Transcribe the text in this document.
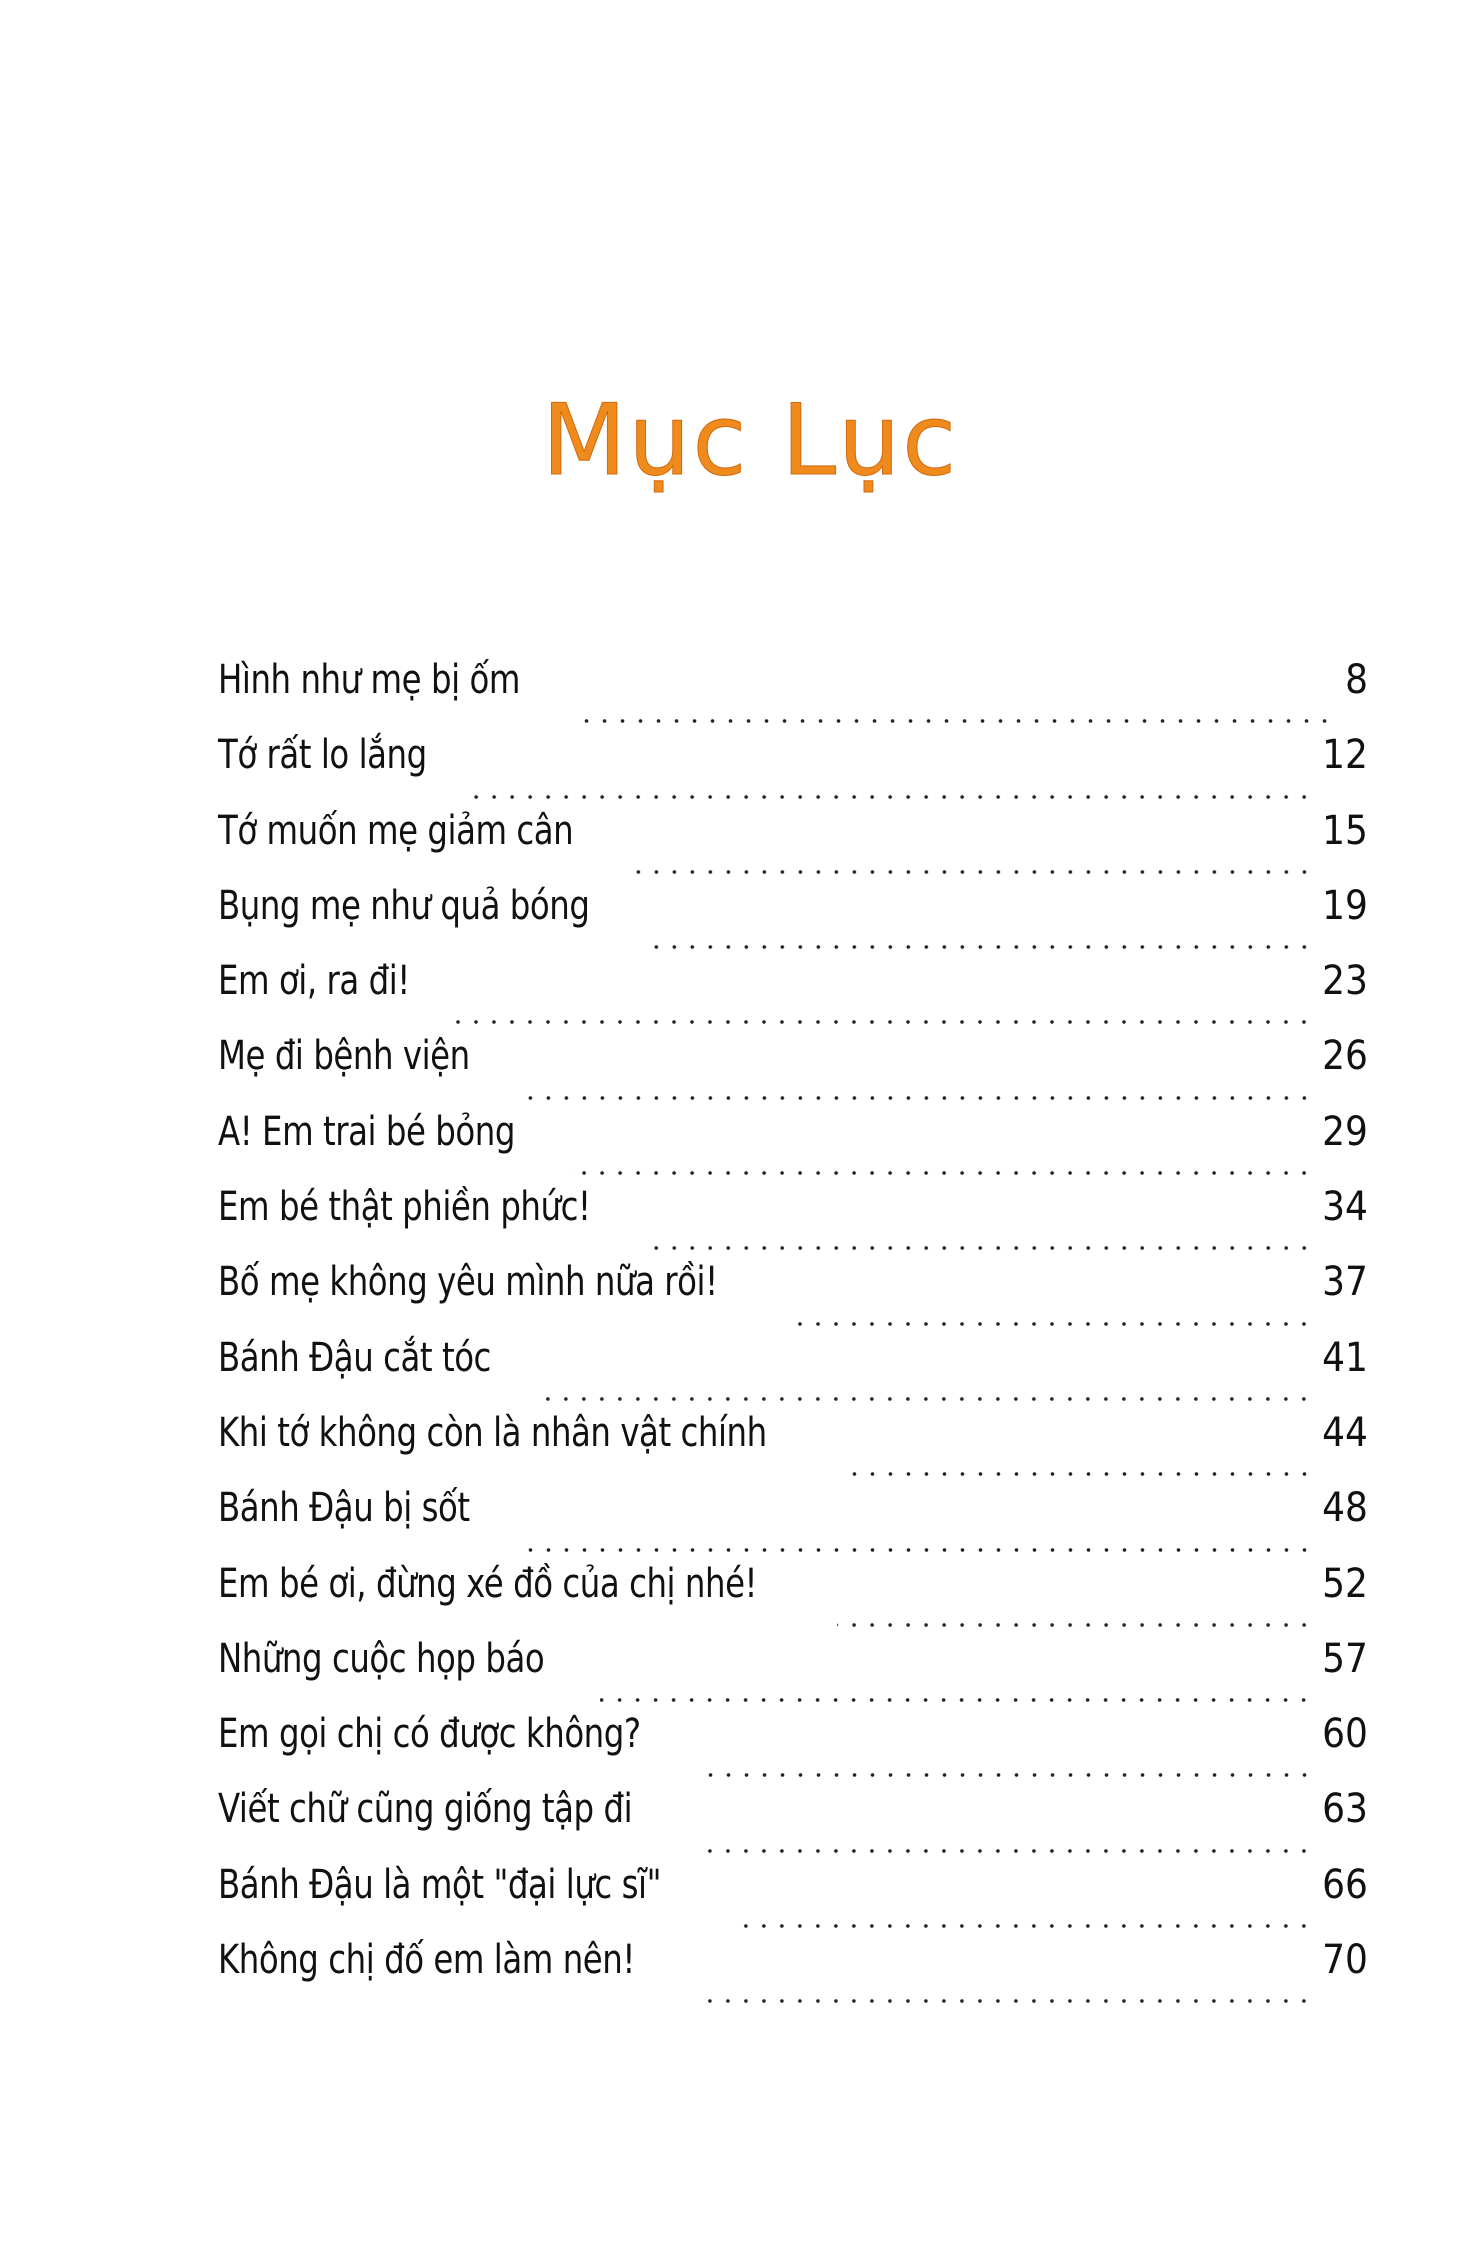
Mục Lục
Hình như mẹ bị ốm	8
Tớ rất lo lắng	12
Tớ muốn mẹ giảm cân	15
Bụng mẹ như quả bóng	19
Em ơi, ra đi!	23
Mẹ đi bệnh viện	26
A! Em trai bé bỏng	29
Em bé thật phiền phức!	34
Bố mẹ không yêu mình nữa rồi!	37
Bánh Đậu cắt tóc	41
Khi tớ không còn là nhân vật chính	44
Bánh Đậu bị sốt	48
Em bé ơi, đừng xé đồ của chị nhé!	52
Những cuộc họp báo	57
Em gọi chị có được không?	60
Viết chữ cũng giống tập đi	63
Bánh Đậu là một "đại lực sĩ"	66
Không chị đố em làm nên!	70
